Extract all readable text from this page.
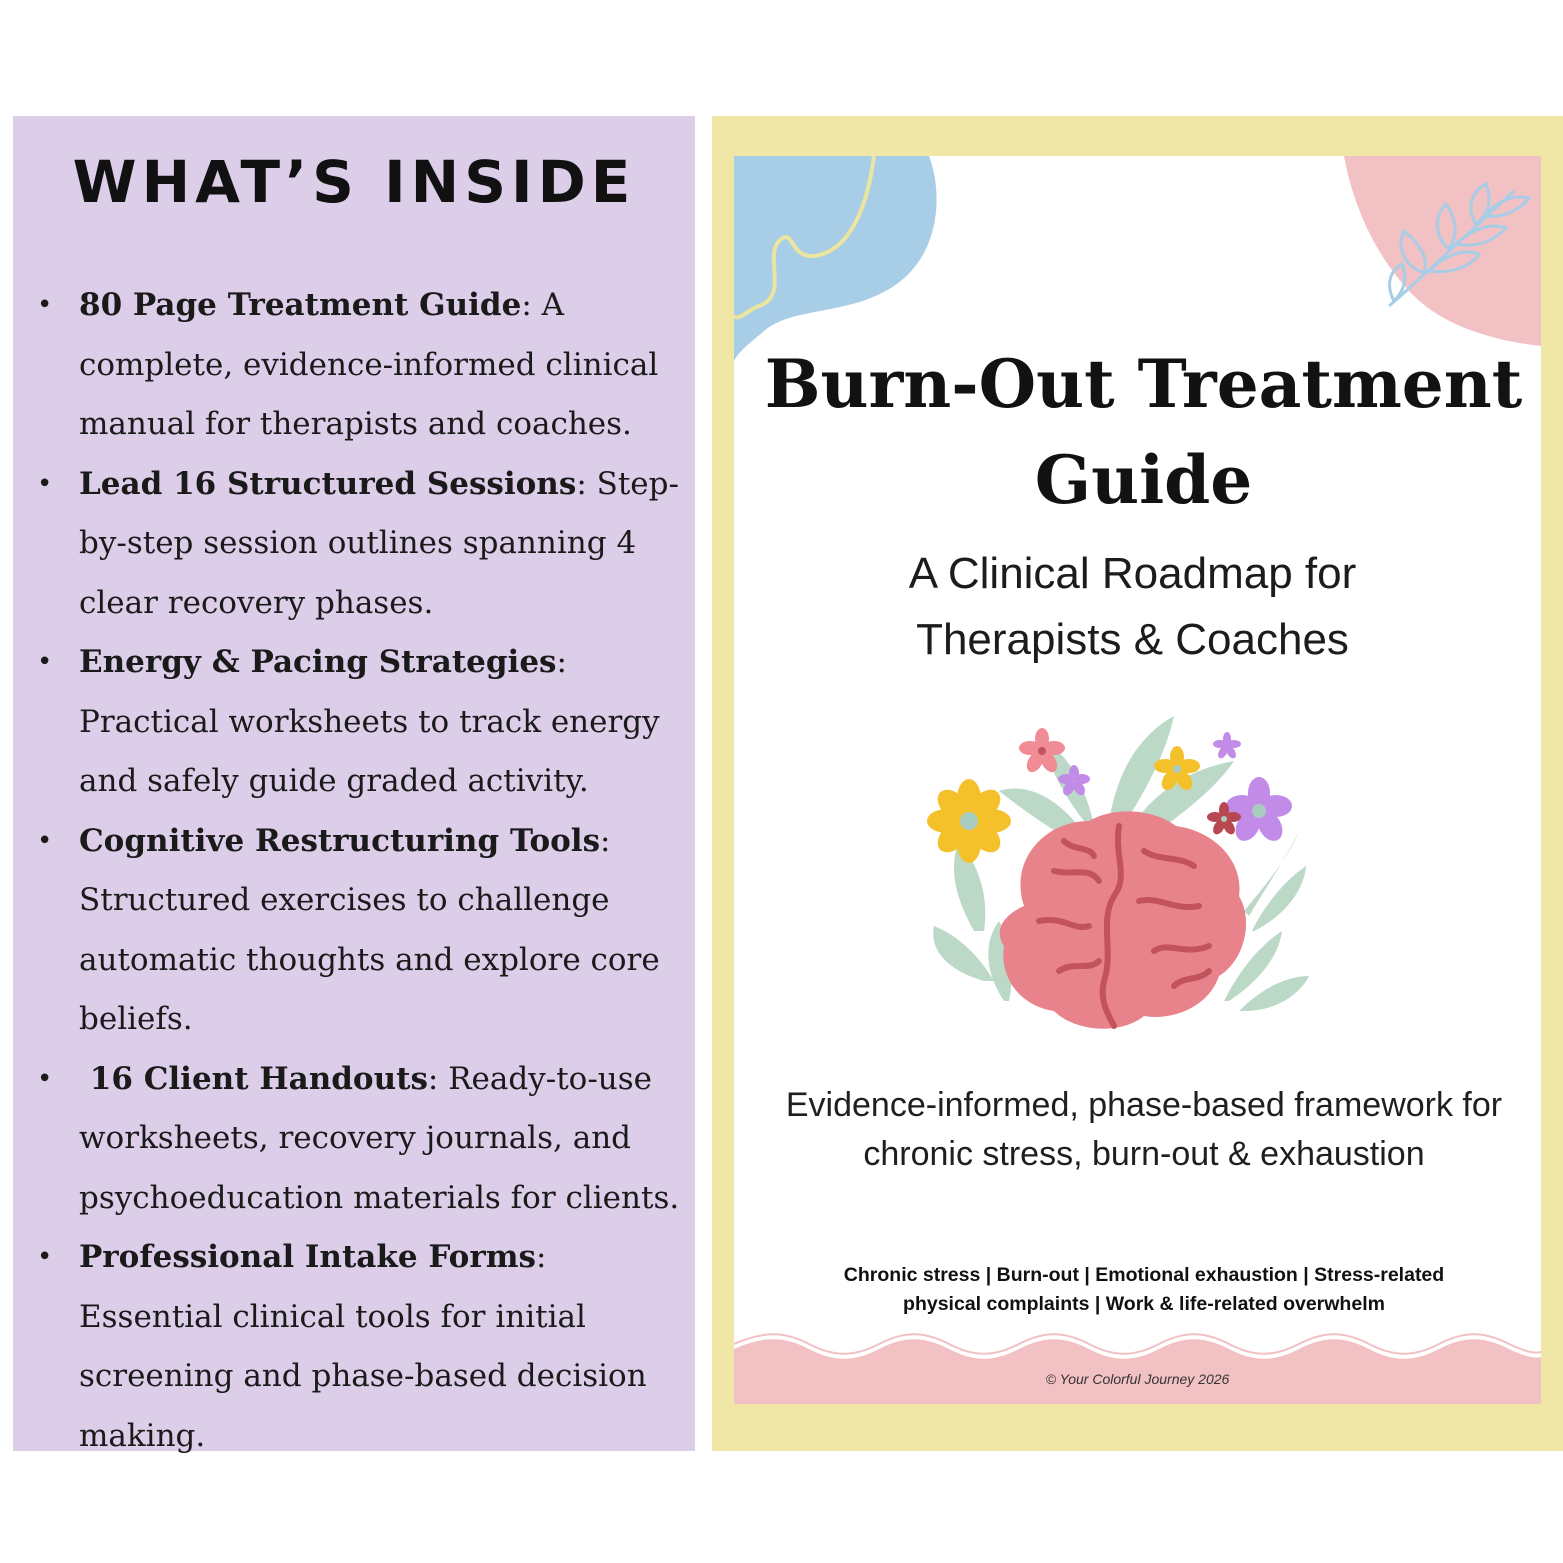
WHAT’S INSIDE
• 80 Page Treatment Guide: A complete, evidence-informed clinical manual for therapists and coaches.
• Lead 16 Structured Sessions: Step-by-step session outlines spanning 4 clear recovery phases.
• Energy & Pacing Strategies: Practical worksheets to track energy and safely guide graded activity.
• Cognitive Restructuring Tools: Structured exercises to challenge automatic thoughts and explore core beliefs.
• 16 Client Handouts: Ready-to-use worksheets, recovery journals, and psychoeducation materials for clients.
• Professional Intake Forms: Essential clinical tools for initial screening and phase-based decision making.
Burn-Out Treatment
Guide

A Clinical Roadmap for
Therapists & Coaches

Evidence-informed, phase-based framework for chronic stress, burn-out & exhaustion

Chronic stress | Burn-out | Emotional exhaustion | Stress-related
physical complaints | Work & life-related overwhelm

© Your Colorful Journey 2026
